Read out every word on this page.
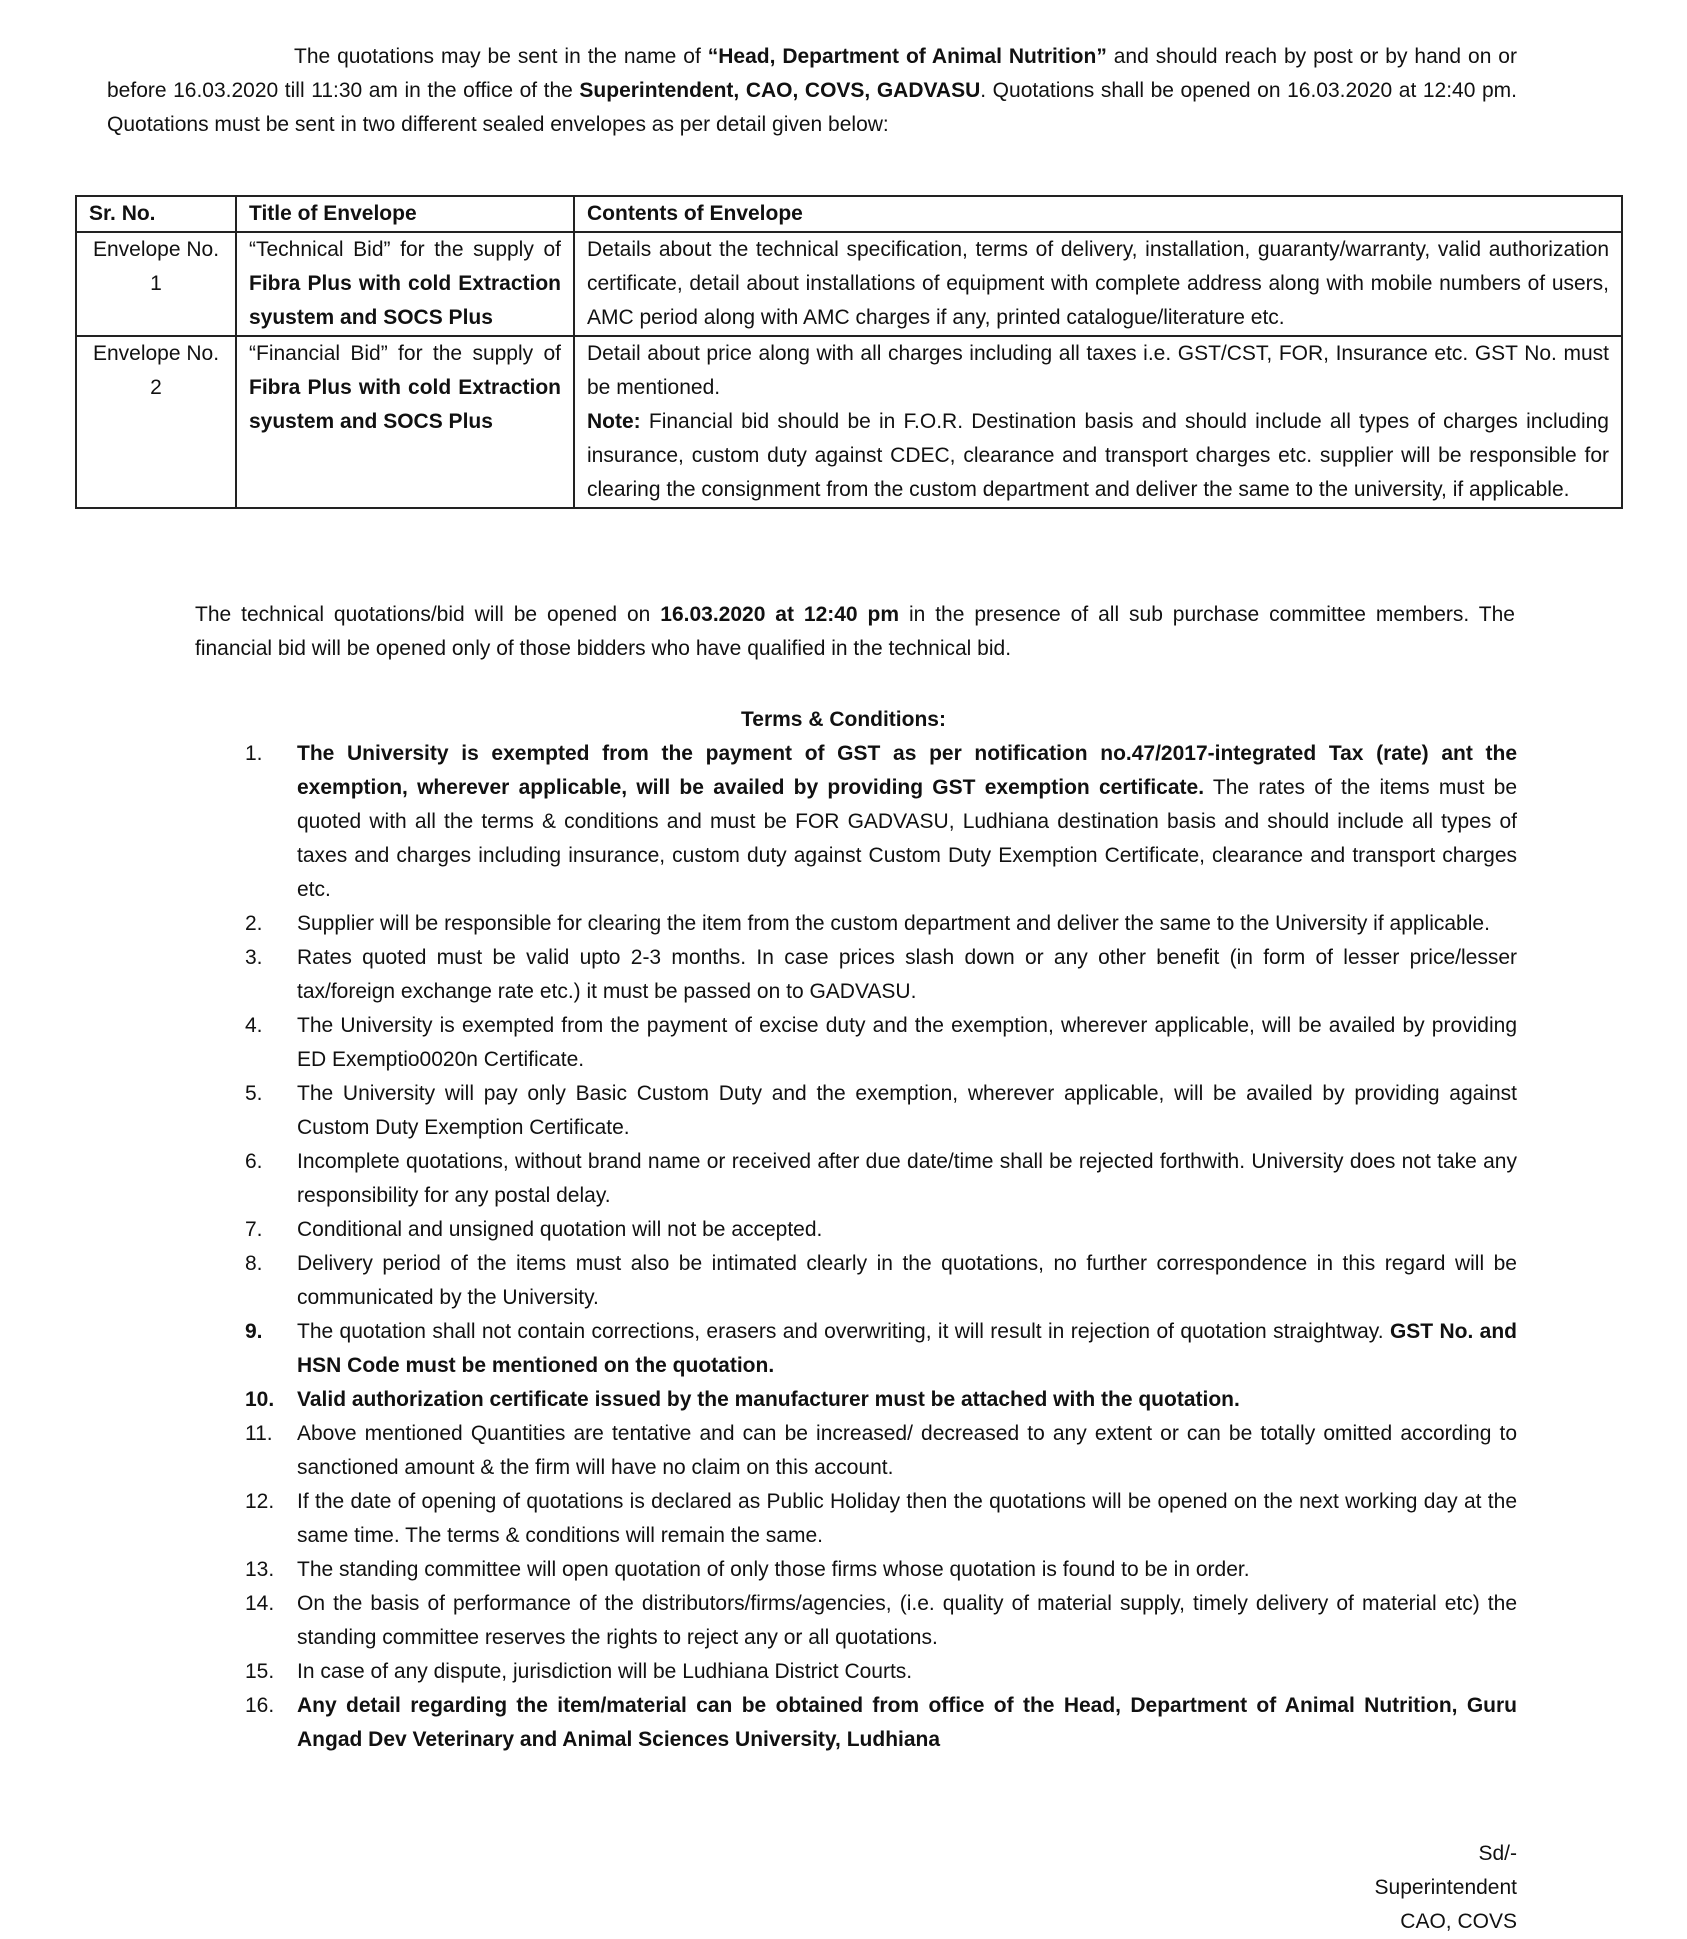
The quotations may be sent in the name of “Head, Department of Animal Nutrition” and should reach by post or by hand on or before 16.03.2020 till 11:30 am in the office of the Superintendent, CAO, COVS, GADVASU. Quotations shall be opened on 16.03.2020 at 12:40 pm. Quotations must be sent in two different sealed envelopes as per detail given below:

Sr. No.	Title of Envelope	Contents of Envelope
Envelope No. 1	“Technical Bid” for the supply of Fibra Plus with cold Extraction syustem and SOCS Plus	Details about the technical specification, terms of delivery, installation, guaranty/warranty, valid authorization certificate, detail about installations of equipment with complete address along with mobile numbers of users, AMC period along with AMC charges if any, printed catalogue/literature etc.
Envelope No. 2	“Financial Bid” for the supply of Fibra Plus with cold Extraction syustem and SOCS Plus	Detail about price along with all charges including all taxes i.e. GST/CST, FOR, Insurance etc. GST No. must be mentioned.
Note: Financial bid should be in F.O.R. Destination basis and should include all types of charges including insurance, custom duty against CDEC, clearance and transport charges etc. supplier will be responsible for clearing the consignment from the custom department and deliver the same to the university, if applicable.

The technical quotations/bid will be opened on 16.03.2020 at 12:40 pm in the presence of all sub purchase committee members. The financial bid will be opened only of those bidders who have qualified in the technical bid.

Terms & Conditions:

1.	The University is exempted from the payment of GST as per notification no.47/2017-integrated Tax (rate) ant the exemption, wherever applicable, will be availed by providing GST exemption certificate. The rates of the items must be quoted with all the terms & conditions and must be FOR GADVASU, Ludhiana destination basis and should include all types of taxes and charges including insurance, custom duty against Custom Duty Exemption Certificate, clearance and transport charges etc.
2.	Supplier will be responsible for clearing the item from the custom department and deliver the same to the University if applicable.
3.	Rates quoted must be valid upto 2-3 months. In case prices slash down or any other benefit (in form of lesser price/lesser tax/foreign exchange rate etc.) it must be passed on to GADVASU.
4.	The University is exempted from the payment of excise duty and the exemption, wherever applicable, will be availed by providing ED Exemptio0020n Certificate.
5.	The University will pay only Basic Custom Duty and the exemption, wherever applicable, will be availed by providing against Custom Duty Exemption Certificate.
6.	Incomplete quotations, without brand name or received after due date/time shall be rejected forthwith. University does not take any responsibility for any postal delay.
7.	Conditional and unsigned quotation will not be accepted.
8.	Delivery period of the items must also be intimated clearly in the quotations, no further correspondence in this regard will be communicated by the University.
9.	The quotation shall not contain corrections, erasers and overwriting, it will result in rejection of quotation straightway. GST No. and HSN Code must be mentioned on the quotation.
10.	Valid authorization certificate issued by the manufacturer must be attached with the quotation.
11.	Above mentioned Quantities are tentative and can be increased/ decreased to any extent or can be totally omitted according to sanctioned amount & the firm will have no claim on this account.
12.	If the date of opening of quotations is declared as Public Holiday then the quotations will be opened on the next working day at the same time. The terms & conditions will remain the same.
13.	The standing committee will open quotation of only those firms whose quotation is found to be in order.
14.	On the basis of performance of the distributors/firms/agencies, (i.e. quality of material supply, timely delivery of material etc) the standing committee reserves the rights to reject any or all quotations.
15.	In case of any dispute, jurisdiction will be Ludhiana District Courts.
16.	Any detail regarding the item/material can be obtained from office of the Head, Department of Animal Nutrition, Guru Angad Dev Veterinary and Animal Sciences University, Ludhiana
Sd/-
Superintendent
CAO, COVS
